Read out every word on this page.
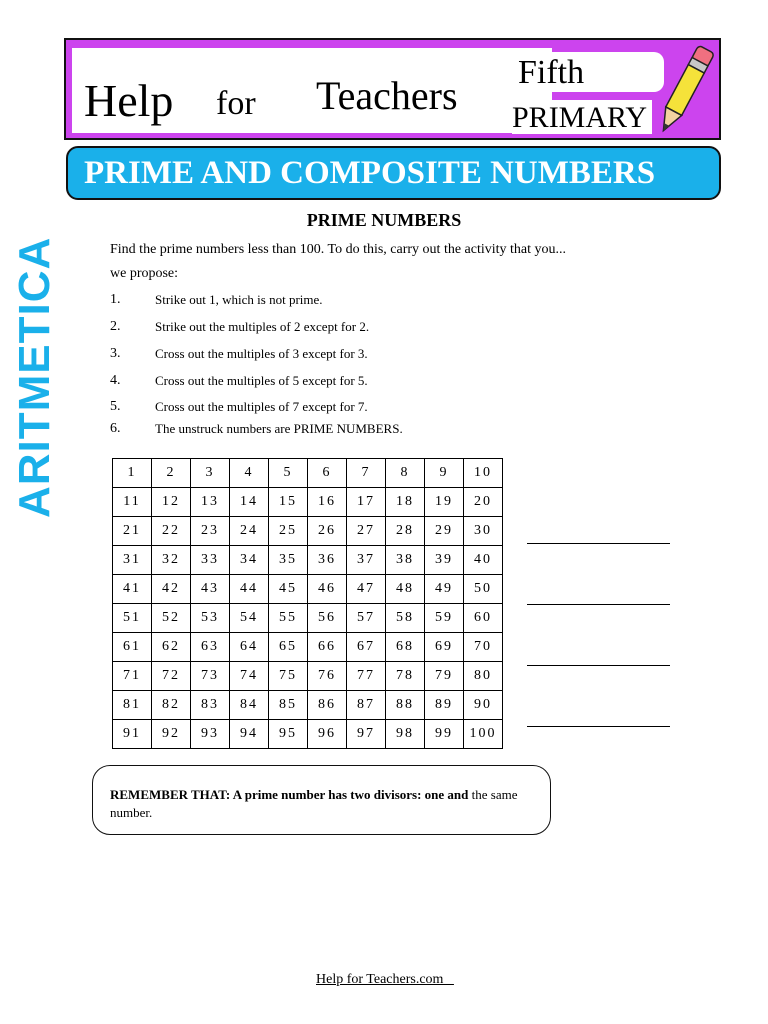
Help for Teachers
Fifth
PRIMARY
PRIME AND COMPOSITE NUMBERS
ARITMETICA
PRIME NUMBERS
Find the prime numbers less than 100. To do this, carry out the activity that you...
we propose:
1.	Strike out 1, which is not prime.
2.	Strike out the multiples of 2 except for 2.
3.	Cross out the multiples of 3 except for 3.
4.	Cross out the multiples of 5 except for 5.
5.	Cross out the multiples of 7 except for 7.
6.	The unstruck numbers are PRIME NUMBERS.
1	2	3	4	5	6	7	8	9	10
11	12	13	14	15	16	17	18	19	20
21	22	23	24	25	26	27	28	29	30
31	32	33	34	35	36	37	38	39	40
41	42	43	44	45	46	47	48	49	50
51	52	53	54	55	56	57	58	59	60
61	62	63	64	65	66	67	68	69	70
71	72	73	74	75	76	77	78	79	80
81	82	83	84	85	86	87	88	89	90
91	92	93	94	95	96	97	98	99	100
REMEMBER THAT: A prime number has two divisors: one and the same number.
Help for Teachers.com
